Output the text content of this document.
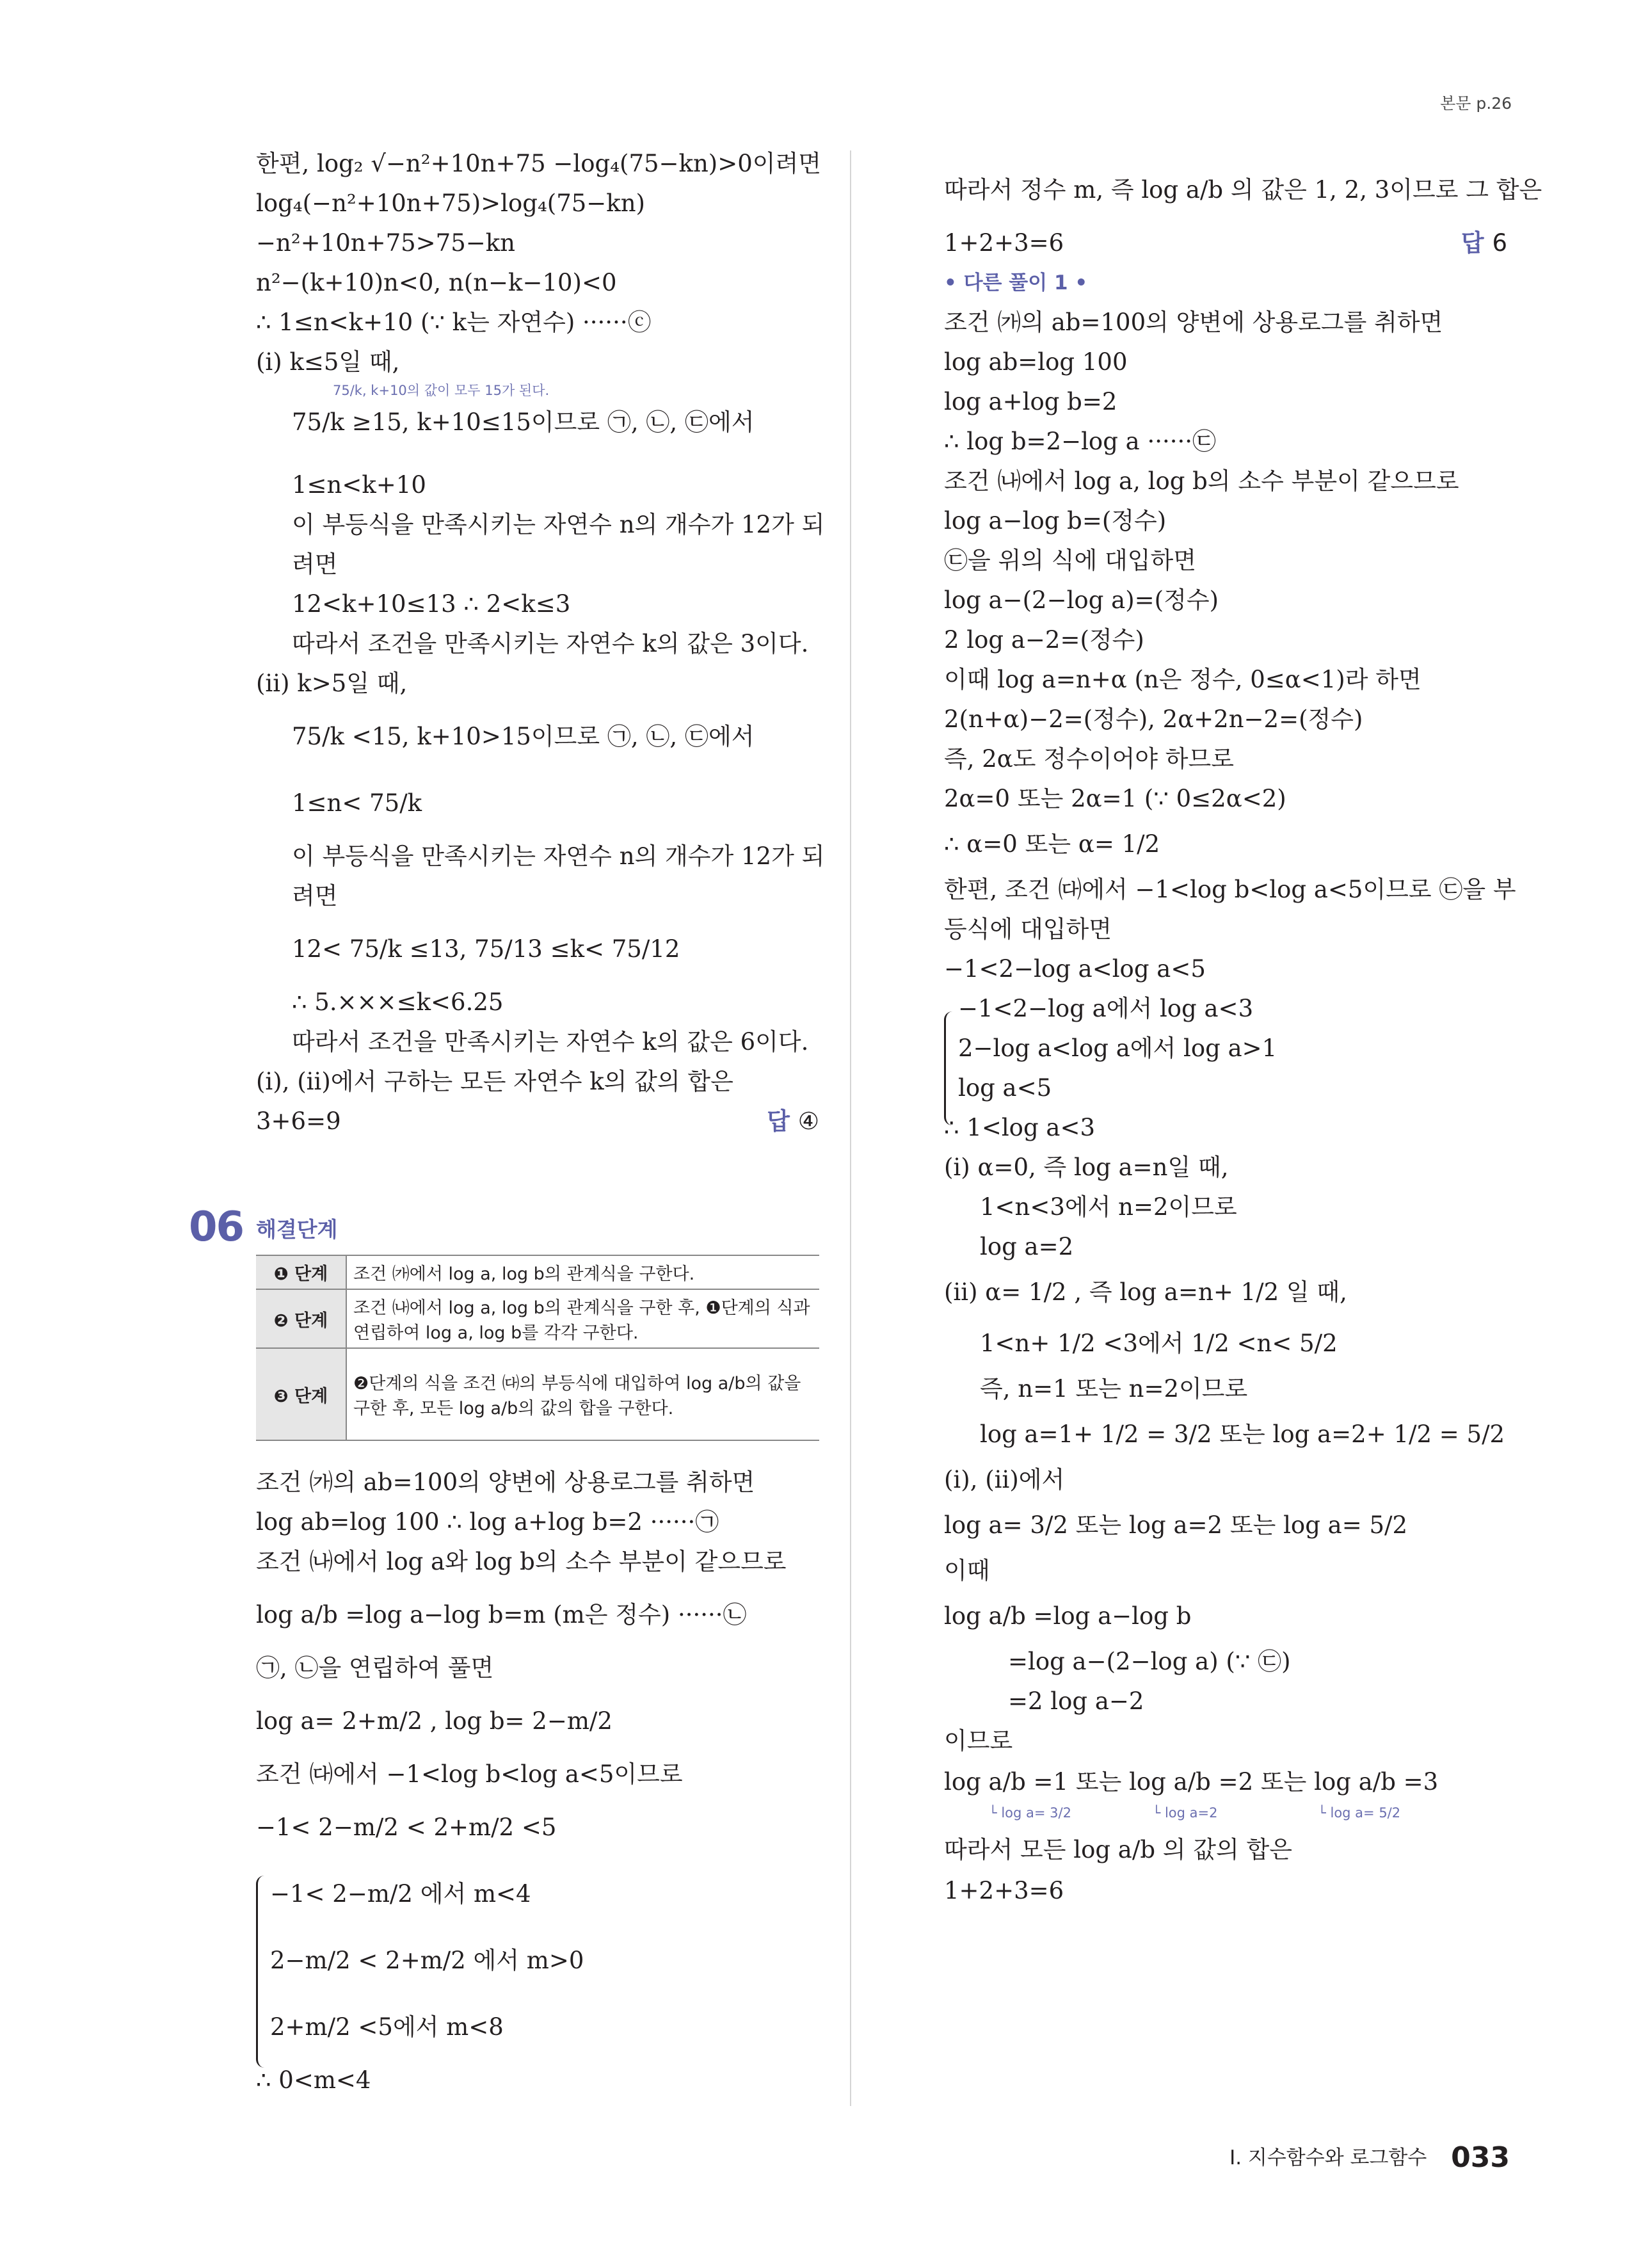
본문 p.26
한편, log₂ √−n²+10n+75 −log₄(75−kn)>0이려면
log₄(−n²+10n+75)>log₄(75−kn)
−n²+10n+75>75−kn
n²−(k+10)n<0, n(n−k−10)<0
∴ 1≤n<k+10 (∵ k는 자연수) ······ⓒ
(ⅰ) k≤5일 때,
75/k, k+10의 값이 모두 15가 된다.
75/k ≥15, k+10≤15이므로 ㉠, ㉡, ㉢에서
1≤n<k+10
이 부등식을 만족시키는 자연수 n의 개수가 12가 되
려면
12<k+10≤13 ∴ 2<k≤3
따라서 조건을 만족시키는 자연수 k의 값은 3이다.
(ⅱ) k>5일 때,
75/k <15, k+10>15이므로 ㉠, ㉡, ㉢에서
1≤n< 75/k
이 부등식을 만족시키는 자연수 n의 개수가 12가 되
려면
12< 75/k ≤13, 75/13 ≤k< 75/12
∴ 5.×××≤k<6.25
따라서 조건을 만족시키는 자연수 k의 값은 6이다.
(ⅰ), (ⅱ)에서 구하는 모든 자연수 k의 값의 합은
3+6=9	답 ④
06 해결단계
❶ 단계	조건 ㈎에서 log a, log b의 관계식을 구한다.
❷ 단계	조건 ㈏에서 log a, log b의 관계식을 구한 후, ❶단계의 식과 연립하여 log a, log b를 각각 구한다.
❸ 단계	❷단계의 식을 조건 ㈐의 부등식에 대입하여 log a/b의 값을 구한 후, 모든 log a/b의 값의 합을 구한다.
조건 ㈎의 ab=100의 양변에 상용로그를 취하면
log ab=log 100 ∴ log a+log b=2 ······㉠
조건 ㈏에서 log a와 log b의 소수 부분이 같으므로
log a/b =log a−log b=m (m은 정수) ······㉡
㉠, ㉡을 연립하여 풀면
log a= 2+m/2 , log b= 2−m/2
조건 ㈐에서 −1<log b<log a<5이므로
−1< 2−m/2 < 2+m/2 <5
−1< 2−m/2 에서 m<4
2−m/2 < 2+m/2 에서 m>0
2+m/2 <5에서 m<8
∴ 0<m<4
따라서 정수 m, 즉 log a/b 의 값은 1, 2, 3이므로 그 합은
1+2+3=6	답 6
• 다른 풀이 1 •
조건 ㈎의 ab=100의 양변에 상용로그를 취하면
log ab=log 100
log a+log b=2
∴ log b=2−log a ······㉢
조건 ㈏에서 log a, log b의 소수 부분이 같으므로
log a−log b=(정수)
㉢을 위의 식에 대입하면
log a−(2−log a)=(정수)
2 log a−2=(정수)
이때 log a=n+α (n은 정수, 0≤α<1)라 하면
2(n+α)−2=(정수), 2α+2n−2=(정수)
즉, 2α도 정수이어야 하므로
2α=0 또는 2α=1 (∵ 0≤2α<2)
∴ α=0 또는 α= 1/2
한편, 조건 ㈐에서 −1<log b<log a<5이므로 ㉢을 부
등식에 대입하면
−1<2−log a<log a<5
−1<2−log a에서 log a<3
2−log a<log a에서 log a>1
log a<5
∴ 1<log a<3
(ⅰ) α=0, 즉 log a=n일 때,
1<n<3에서 n=2이므로
log a=2
(ⅱ) α= 1/2 , 즉 log a=n+ 1/2 일 때,
1<n+ 1/2 <3에서 1/2 <n< 5/2
즉, n=1 또는 n=2이므로
log a=1+ 1/2 = 3/2 또는 log a=2+ 1/2 = 5/2
(ⅰ), (ⅱ)에서
log a= 3/2 또는 log a=2 또는 log a= 5/2
이때
log a/b =log a−log b
=log a−(2−log a) (∵ ㉢)
=2 log a−2
이므로
log a/b =1 또는 log a/b =2 또는 log a/b =3
└ log a= 3/2	└ log a=2	└ log a= 5/2
따라서 모든 log a/b 의 값의 합은
1+2+3=6
Ⅰ. 지수함수와 로그함수 033
